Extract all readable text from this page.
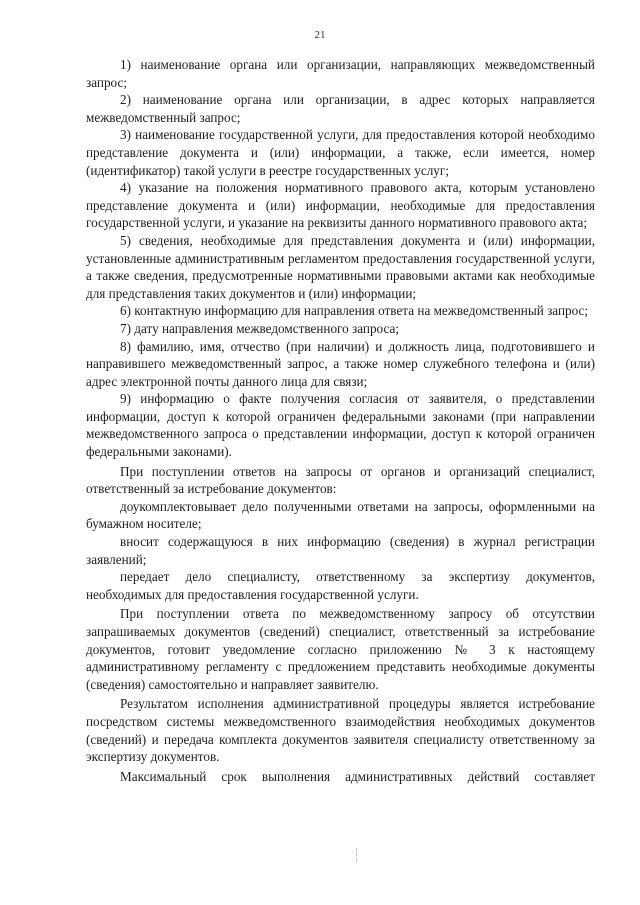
21

1) наименование органа или организации, направляющих межведомственный запрос;

2) наименование органа или организации, в адрес которых направляется межведомственный запрос;

3) наименование государственной услуги, для предоставления которой необходимо представление документа и (или) информации, а также, если имеется, номер (идентификатор) такой услуги в реестре государственных услуг;

4) указание на положения нормативного правового акта, которым установлено представление документа и (или) информации, необходимые для предоставления государственной услуги, и указание на реквизиты данного нормативного правового акта;

5) сведения, необходимые для представления документа и (или) информации, установленные административным регламентом предоставления государственной услуги, а также сведения, предусмотренные нормативными правовыми актами как необходимые для представления таких документов и (или) информации;

6) контактную информацию для направления ответа на межведомственный запрос;

7) дату направления межведомственного запроса;

8) фамилию, имя, отчество (при наличии) и должность лица, подготовившего и направившего межведомственный запрос, а также номер служебного телефона и (или) адрес электронной почты данного лица для связи;

9) информацию о факте получения согласия от заявителя, о представлении информации, доступ к которой ограничен федеральными законами (при направлении межведомственного запроса о представлении информации, доступ к которой ограничен федеральными законами).

При поступлении ответов на запросы от органов и организаций специалист, ответственный за истребование документов:

доукомплектовывает дело полученными ответами на запросы, оформленными на бумажном носителе;

вносит содержащуюся в них информацию (сведения) в журнал регистрации заявлений;

передает дело специалисту, ответственному за экспертизу документов, необходимых для предоставления государственной услуги.

При поступлении ответа по межведомственному запросу об отсутствии запрашиваемых документов (сведений) специалист, ответственный за истребование документов, готовит уведомление согласно приложению № 3 к настоящему административному регламенту с предложением представить необходимые документы (сведения) самостоятельно и направляет заявителю.

Результатом исполнения административной процедуры является истребование посредством системы межведомственного взаимодействия необходимых документов (сведений) и передача комплекта документов заявителя специалисту ответственному за экспертизу документов.

Максимальный срок выполнения административных действий составляет
